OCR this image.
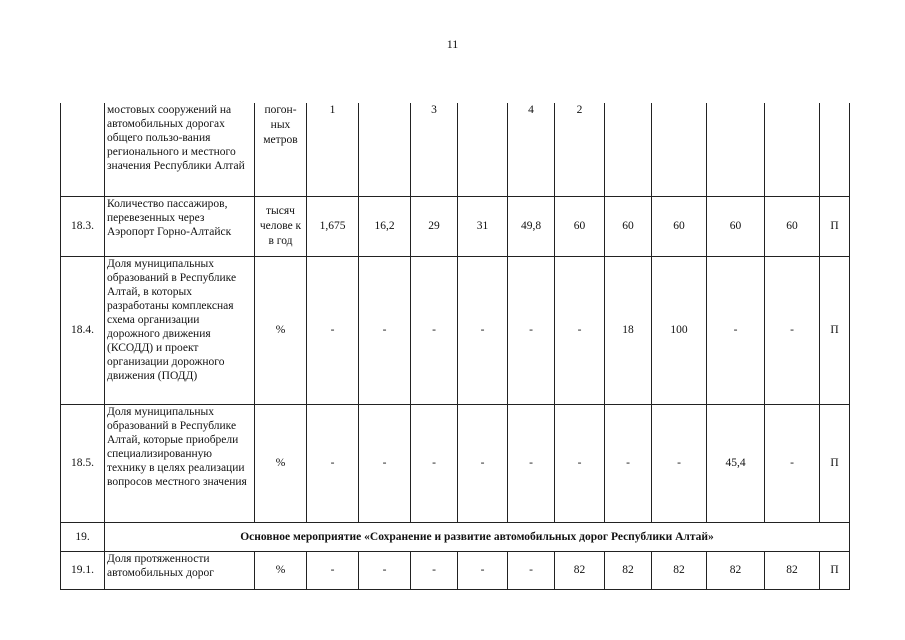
11
	мостовых сооружений на автомобильных дорогах общего пользо-вания регионального и местного значения Республики Алтай	погон-ных метров	1		3		4	2					
18.3.	Количество пассажиров, перевезенных через Аэропорт Горно-Алтайск	тысяч челове к в год	1,675	16,2	29	31	49,8	60	60	60	60	60	П
18.4.	Доля муниципальных образований в Республике Алтай, в которых разработаны комплексная схема организации дорожного движения (КСОДД) и проект организации дорожного движения (ПОДД)	%	-	-	-	-	-	-	18	100	-	-	П
18.5.	Доля муниципальных образований в Республике Алтай, которые приобрели специализированную технику в целях реализации вопросов местного значения	%	-	-	-	-	-	-	-	-	45,4	-	П
19.	Основное мероприятие «Сохранение и развитие автомобильных дорог Республики Алтай»												
19.1.	Доля протяженности автомобильных дорог	%	-	-	-	-	-	82	82	82	82	82	П
